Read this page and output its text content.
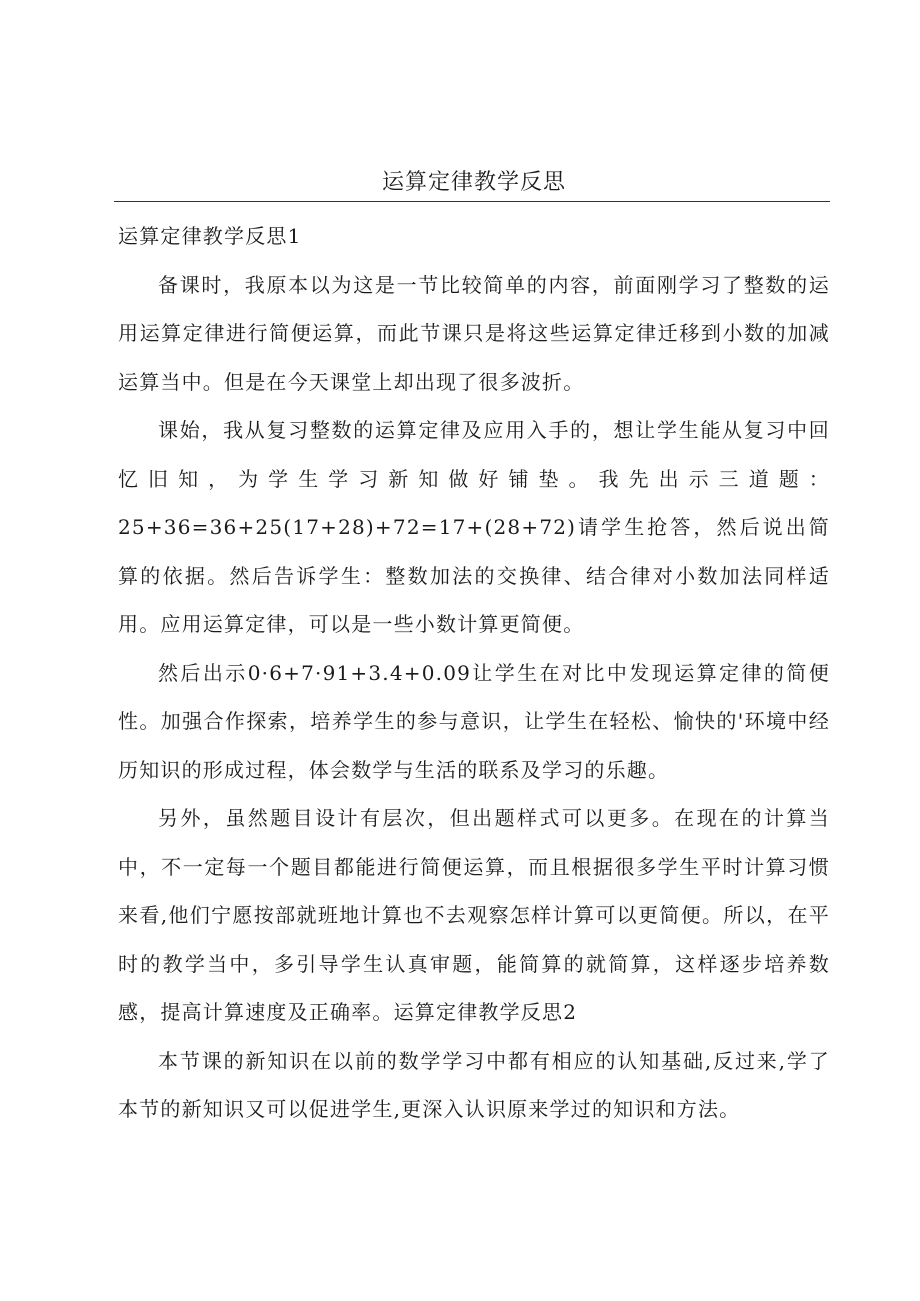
运算定律教学反思
运算定律教学反思1

备课时，我原本以为这是一节比较简单的内容，前面刚学习了整数的运用运算定律进行简便运算，而此节课只是将这些运算定律迁移到小数的加减运算当中。但是在今天课堂上却出现了很多波折。

课始，我从复习整数的运算定律及应用入手的，想让学生能从复习中回忆旧知，为学生学习新知做好铺垫。我先出示三道题：25+36=36+25(17+28)+72=17+(28+72)请学生抢答，然后说出简算的依据。然后告诉学生：整数加法的交换律、结合律对小数加法同样适用。应用运算定律，可以是一些小数计算更简便。

然后出示0·6+7·91+3.4+0.09让学生在对比中发现运算定律的简便性。加强合作探索，培养学生的参与意识，让学生在轻松、愉快的'环境中经历知识的形成过程，体会数学与生活的联系及学习的乐趣。

另外，虽然题目设计有层次，但出题样式可以更多。在现在的计算当中，不一定每一个题目都能进行简便运算，而且根据很多学生平时计算习惯来看,他们宁愿按部就班地计算也不去观察怎样计算可以更简便。所以，在平时的教学当中，多引导学生认真审题，能简算的就简算，这样逐步培养数感，提高计算速度及正确率。运算定律教学反思2

本节课的新知识在以前的数学学习中都有相应的认知基础,反过来,学了本节的新知识又可以促进学生,更深入认识原来学过的知识和方法。
